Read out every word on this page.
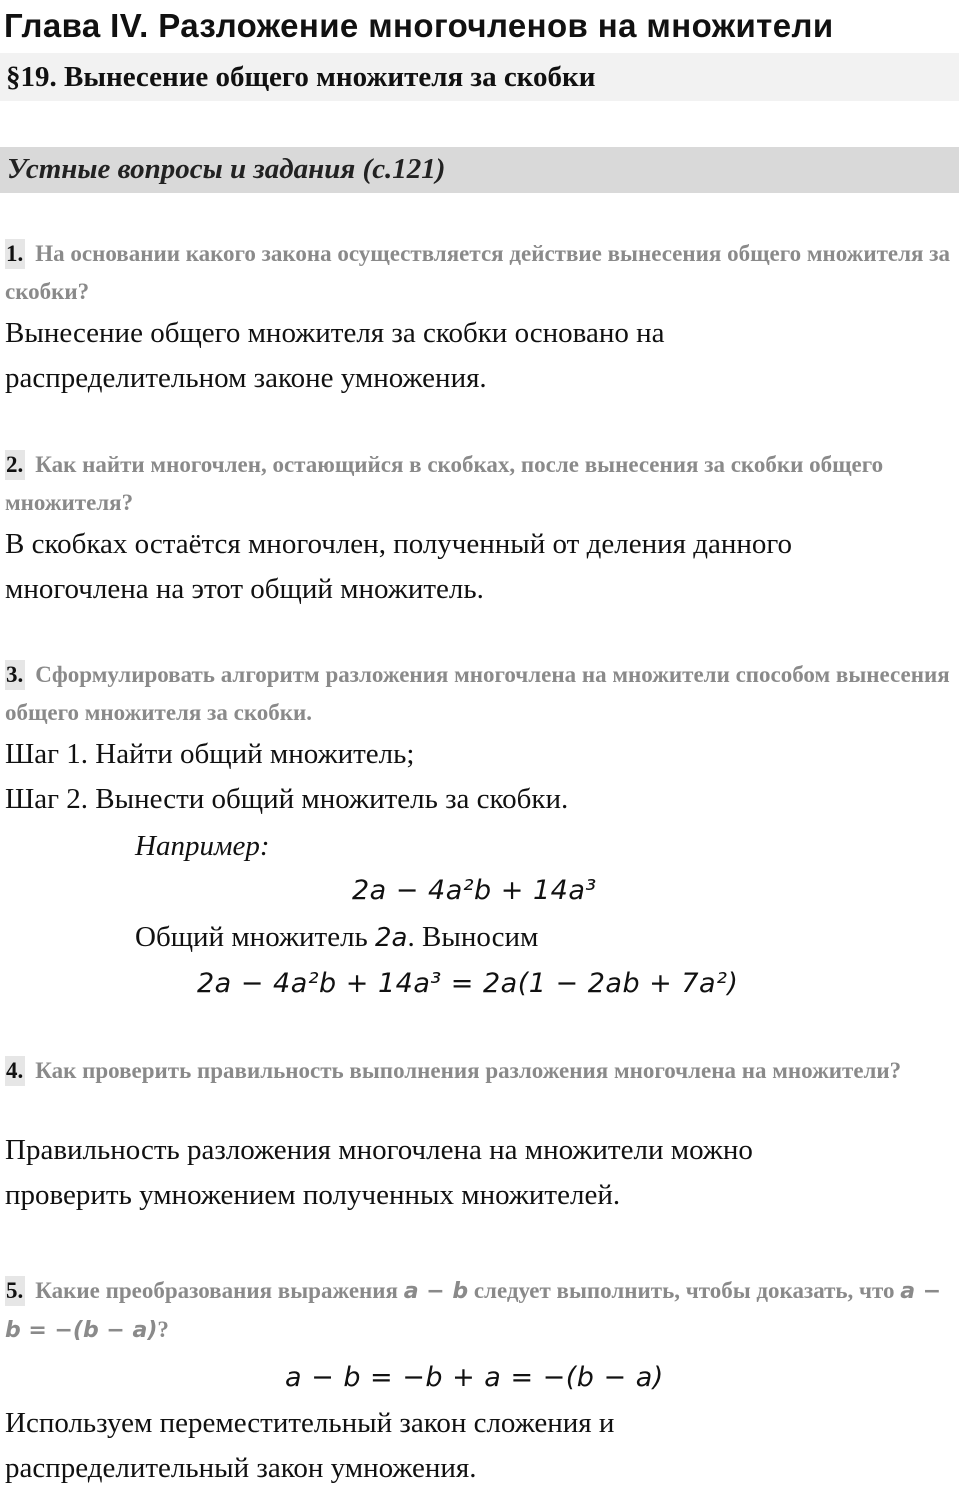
Глава IV. Разложение многочленов на множители
§19. Вынесение общего множителя за скобки
Устные вопросы и задания (с.121)
1. На основании какого закона осуществляется действие вынесения общего множителя за скобки?
Вынесение общего множителя за скобки основано на
распределительном законе умножения.
2. Как найти многочлен, остающийся в скобках, после вынесения за скобки общего множителя?
В скобках остаётся многочлен, полученный от деления данного
многочлена на этот общий множитель.
3. Сформулировать алгоритм разложения многочлена на множители способом вынесения общего множителя за скобки.
Шаг 1. Найти общий множитель;
Шаг 2. Вынести общий множитель за скобки.
Например:
2a − 4a²b + 14a³
Общий множитель 2a. Выносим
2a − 4a²b + 14a³ = 2a(1 − 2ab + 7a²)
4. Как проверить правильность выполнения разложения многочлена на множители?
Правильность разложения многочлена на множители можно
проверить умножением полученных множителей.
5. Какие преобразования выражения a − b следует выполнить, чтобы доказать, что a − b = −(b − a)?
a − b = −b + a = −(b − a)
Используем переместительный закон сложения и
распределительный закон умножения.
